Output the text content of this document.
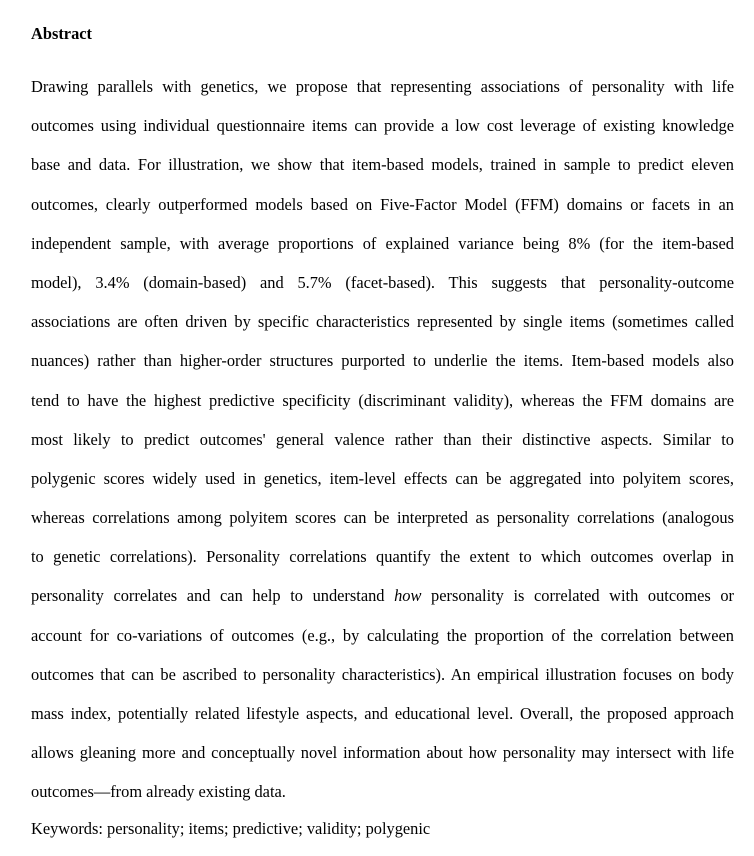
Abstract

Drawing parallels with genetics, we propose that representing associations of personality with life
outcomes using individual questionnaire items can provide a low cost leverage of existing knowledge
base and data. For illustration, we show that item-based models, trained in sample to predict eleven
outcomes, clearly outperformed models based on Five-Factor Model (FFM) domains or facets in an
independent sample, with average proportions of explained variance being 8% (for the item-based
model), 3.4% (domain-based) and 5.7% (facet-based). This suggests that personality-outcome
associations are often driven by specific characteristics represented by single items (sometimes called
nuances) rather than higher-order structures purported to underlie the items. Item-based models also
tend to have the highest predictive specificity (discriminant validity), whereas the FFM domains are
most likely to predict outcomes' general valence rather than their distinctive aspects. Similar to
polygenic scores widely used in genetics, item-level effects can be aggregated into polyitem scores,
whereas correlations among polyitem scores can be interpreted as personality correlations (analogous
to genetic correlations). Personality correlations quantify the extent to which outcomes overlap in
personality correlates and can help to understand how personality is correlated with outcomes or
account for co-variations of outcomes (e.g., by calculating the proportion of the correlation between
outcomes that can be ascribed to personality characteristics). An empirical illustration focuses on body
mass index, potentially related lifestyle aspects, and educational level. Overall, the proposed approach
allows gleaning more and conceptually novel information about how personality may intersect with life
outcomes—from already existing data.

Keywords: personality; items; predictive; validity; polygenic
